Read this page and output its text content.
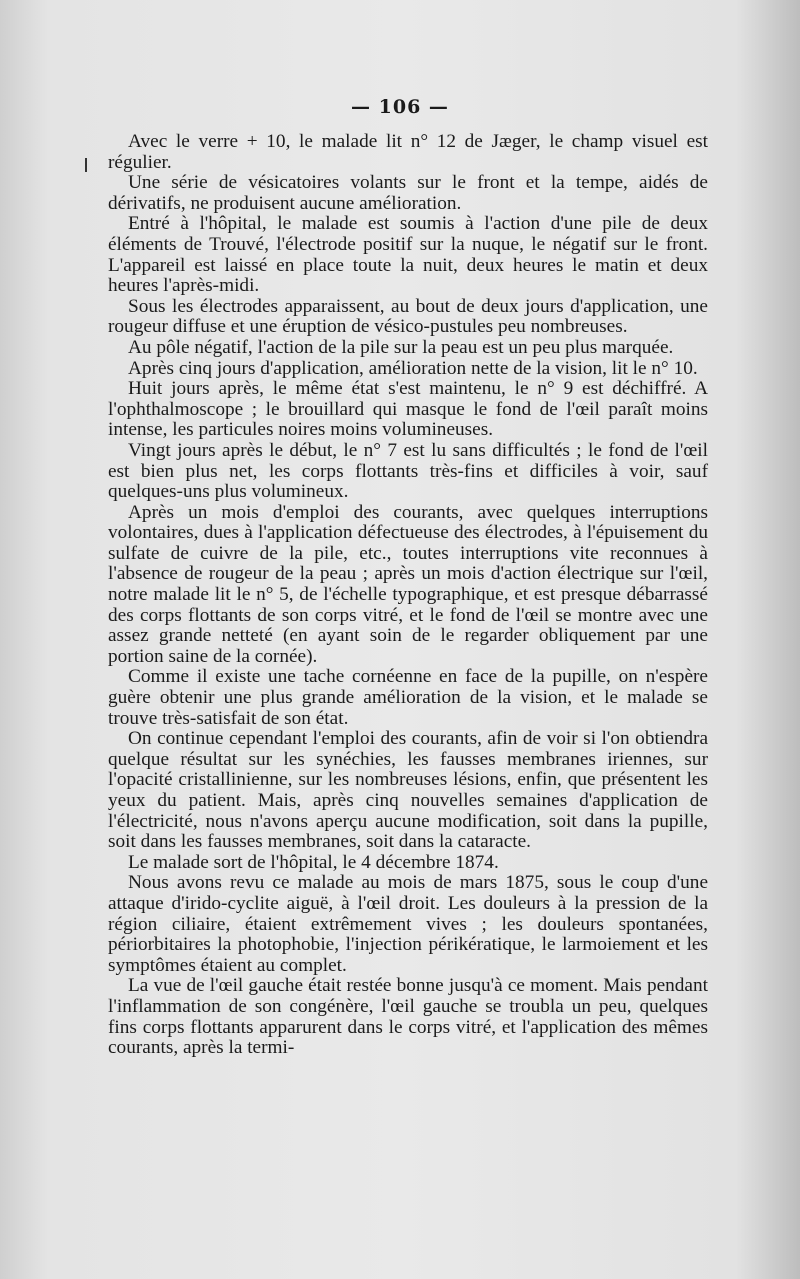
— 106 —

Avec le verre + 10, le malade lit n° 12 de Jæger, le champ visuel est régulier.

Une série de vésicatoires volants sur le front et la tempe, aidés de dérivatifs, ne produisent aucune amélioration.

Entré à l'hôpital, le malade est soumis à l'action d'une pile de deux éléments de Trouvé, l'électrode positif sur la nuque, le négatif sur le front. L'appareil est laissé en place toute la nuit, deux heures le matin et deux heures l'après-midi.

Sous les électrodes apparaissent, au bout de deux jours d'application, une rougeur diffuse et une éruption de vésico-pustules peu nombreuses.

Au pôle négatif, l'action de la pile sur la peau est un peu plus marquée.

Après cinq jours d'application, amélioration nette de la vision, lit le n° 10.

Huit jours après, le même état s'est maintenu, le n° 9 est déchiffré. A l'ophthalmoscope ; le brouillard qui masque le fond de l'œil paraît moins intense, les particules noires moins volumineuses.

Vingt jours après le début, le n° 7 est lu sans difficultés ; le fond de l'œil est bien plus net, les corps flottants très-fins et difficiles à voir, sauf quelques-uns plus volumineux.

Après un mois d'emploi des courants, avec quelques interruptions volontaires, dues à l'application défectueuse des électrodes, à l'épuisement du sulfate de cuivre de la pile, etc., toutes interruptions vite reconnues à l'absence de rougeur de la peau ; après un mois d'action électrique sur l'œil, notre malade lit le n° 5, de l'échelle typographique, et est presque débarrassé des corps flottants de son corps vitré, et le fond de l'œil se montre avec une assez grande netteté (en ayant soin de le regarder obliquement par une portion saine de la cornée).

Comme il existe une tache cornéenne en face de la pupille, on n'espère guère obtenir une plus grande amélioration de la vision, et le malade se trouve très-satisfait de son état.

On continue cependant l'emploi des courants, afin de voir si l'on obtiendra quelque résultat sur les synéchies, les fausses membranes iriennes, sur l'opacité cristallinienne, sur les nombreuses lésions, enfin, que présentent les yeux du patient. Mais, après cinq nouvelles semaines d'application de l'électricité, nous n'avons aperçu aucune modification, soit dans la pupille, soit dans les fausses membranes, soit dans la cataracte.

Le malade sort de l'hôpital, le 4 décembre 1874.

Nous avons revu ce malade au mois de mars 1875, sous le coup d'une attaque d'irido-cyclite aiguë, à l'œil droit. Les douleurs à la pression de la région ciliaire, étaient extrêmement vives ; les douleurs spontanées, périorbitaires la photophobie, l'injection périkératique, le larmoiement et les symptômes étaient au complet.

La vue de l'œil gauche était restée bonne jusqu'à ce moment. Mais pendant l'inflammation de son congénère, l'œil gauche se troubla un peu, quelques fins corps flottants apparurent dans le corps vitré, et l'application des mêmes courants, après la termi-
